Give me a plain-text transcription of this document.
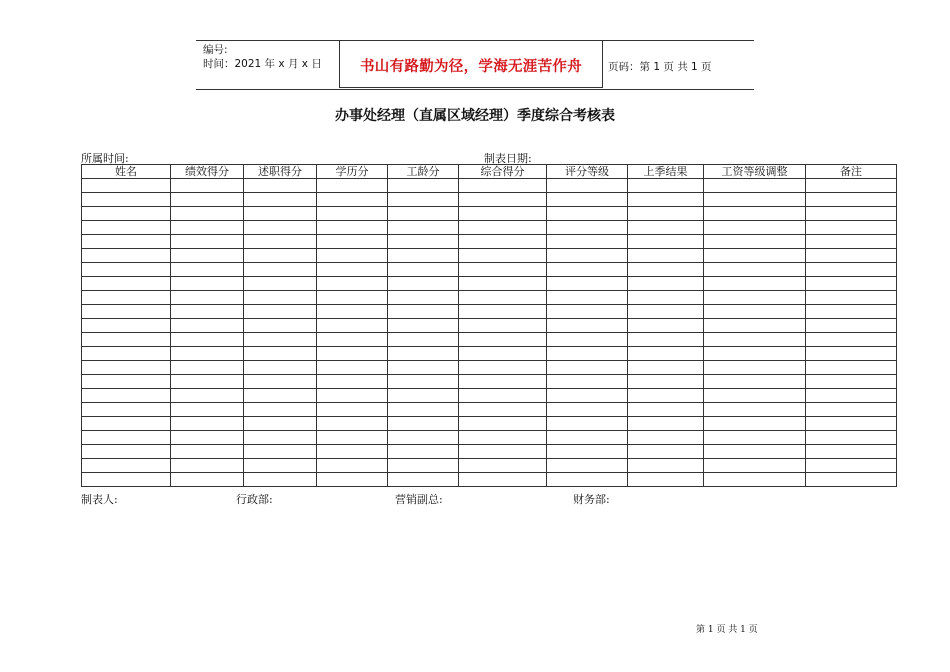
编号:
时间：2021 年 x 月 x 日	书山有路勤为径，学海无涯苦作舟	页码：第 1 页 共 1 页
办事处经理（直属区域经理）季度综合考核表
所属时间:	制表日期:
姓名	绩效得分	述职得分	学历分	工龄分	综合得分	评分等级	上季结果	工资等级调整	备注

制表人:	行政部:	营销副总:	财务部:
第 1 页 共 1 页
